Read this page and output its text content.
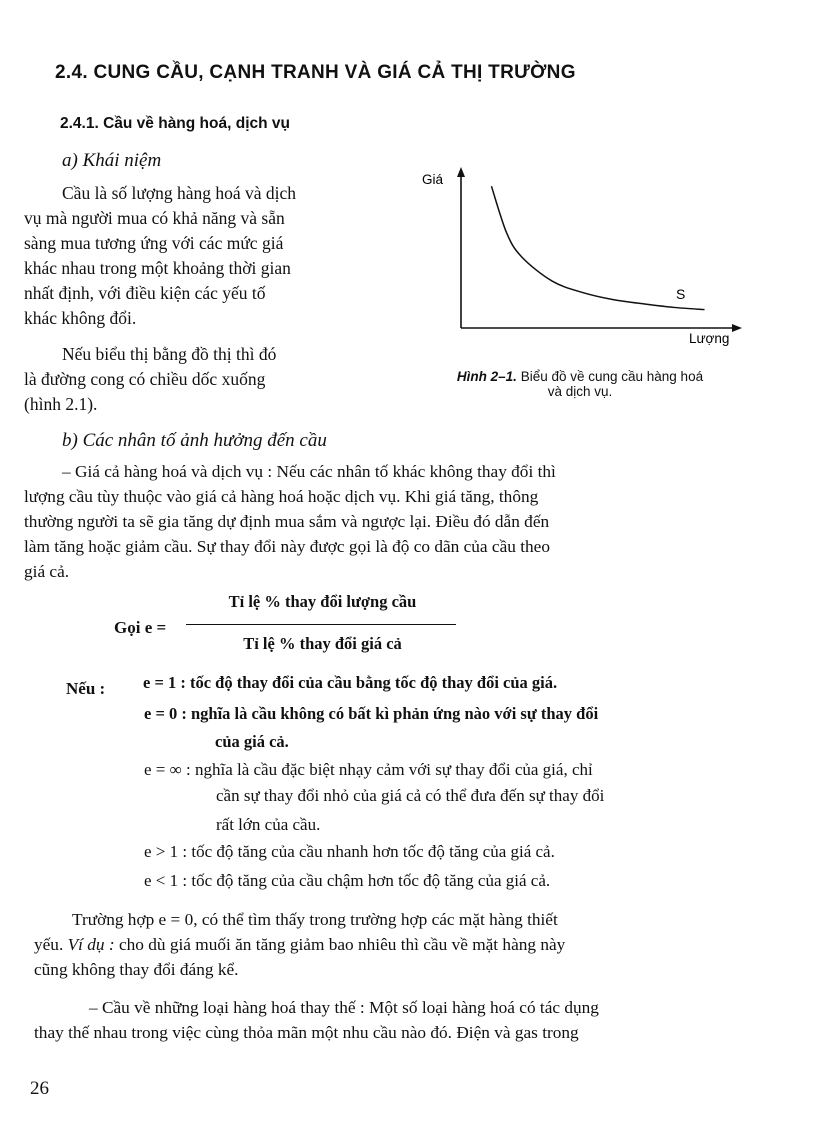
2.4. CUNG CẦU, CẠNH TRANH VÀ GIÁ CẢ THỊ TRƯỜNG
2.4.1. Cầu về hàng hoá, dịch vụ
a) Khái niệm
Cầu là số lượng hàng hoá và dịch
vụ mà người mua có khả năng và sẵn
sàng mua tương ứng với các mức giá
khác nhau trong một khoảng thời gian
nhất định, với điều kiện các yếu tố
khác không đổi.
Nếu biểu thị bằng đồ thị thì đó
là đường cong có chiều dốc xuống
(hình 2.1).
Giá
Lượng
S
Hình 2–1. Biểu đồ về cung cầu hàng hoá
và dịch vụ.
b) Các nhân tố ảnh hưởng đến cầu
– Giá cả hàng hoá và dịch vụ : Nếu các nhân tố khác không thay đổi thì
lượng cầu tùy thuộc vào giá cả hàng hoá hoặc dịch vụ. Khi giá tăng, thông
thường người ta sẽ gia tăng dự định mua sắm và ngược lại. Điều đó dẫn đến
làm tăng hoặc giảm cầu. Sự thay đổi này được gọi là độ co dãn của cầu theo
giá cả.
Gọi e =
Tỉ lệ % thay đổi lượng cầu
Tỉ lệ % thay đổi giá cả
Nếu : e = 1 : tốc độ thay đổi của cầu bằng tốc độ thay đổi của giá.
e = 0 : nghĩa là cầu không có bất kì phản ứng nào với sự thay đổi
của giá cả.
e = ∞ : nghĩa là cầu đặc biệt nhạy cảm với sự thay đổi của giá, chỉ
cần sự thay đổi nhỏ của giá cả có thể đưa đến sự thay đổi
rất lớn của cầu.
e > 1 : tốc độ tăng của cầu nhanh hơn tốc độ tăng của giá cả.
e < 1 : tốc độ tăng của cầu chậm hơn tốc độ tăng của giá cả.
Trường hợp e = 0, có thể tìm thấy trong trường hợp các mặt hàng thiết
yếu. Ví dụ : cho dù giá muối ăn tăng giảm bao nhiêu thì cầu về mặt hàng này
cũng không thay đổi đáng kể.
– Cầu về những loại hàng hoá thay thế : Một số loại hàng hoá có tác dụng
thay thế nhau trong việc cùng thỏa mãn một nhu cầu nào đó. Điện và gas trong
26
